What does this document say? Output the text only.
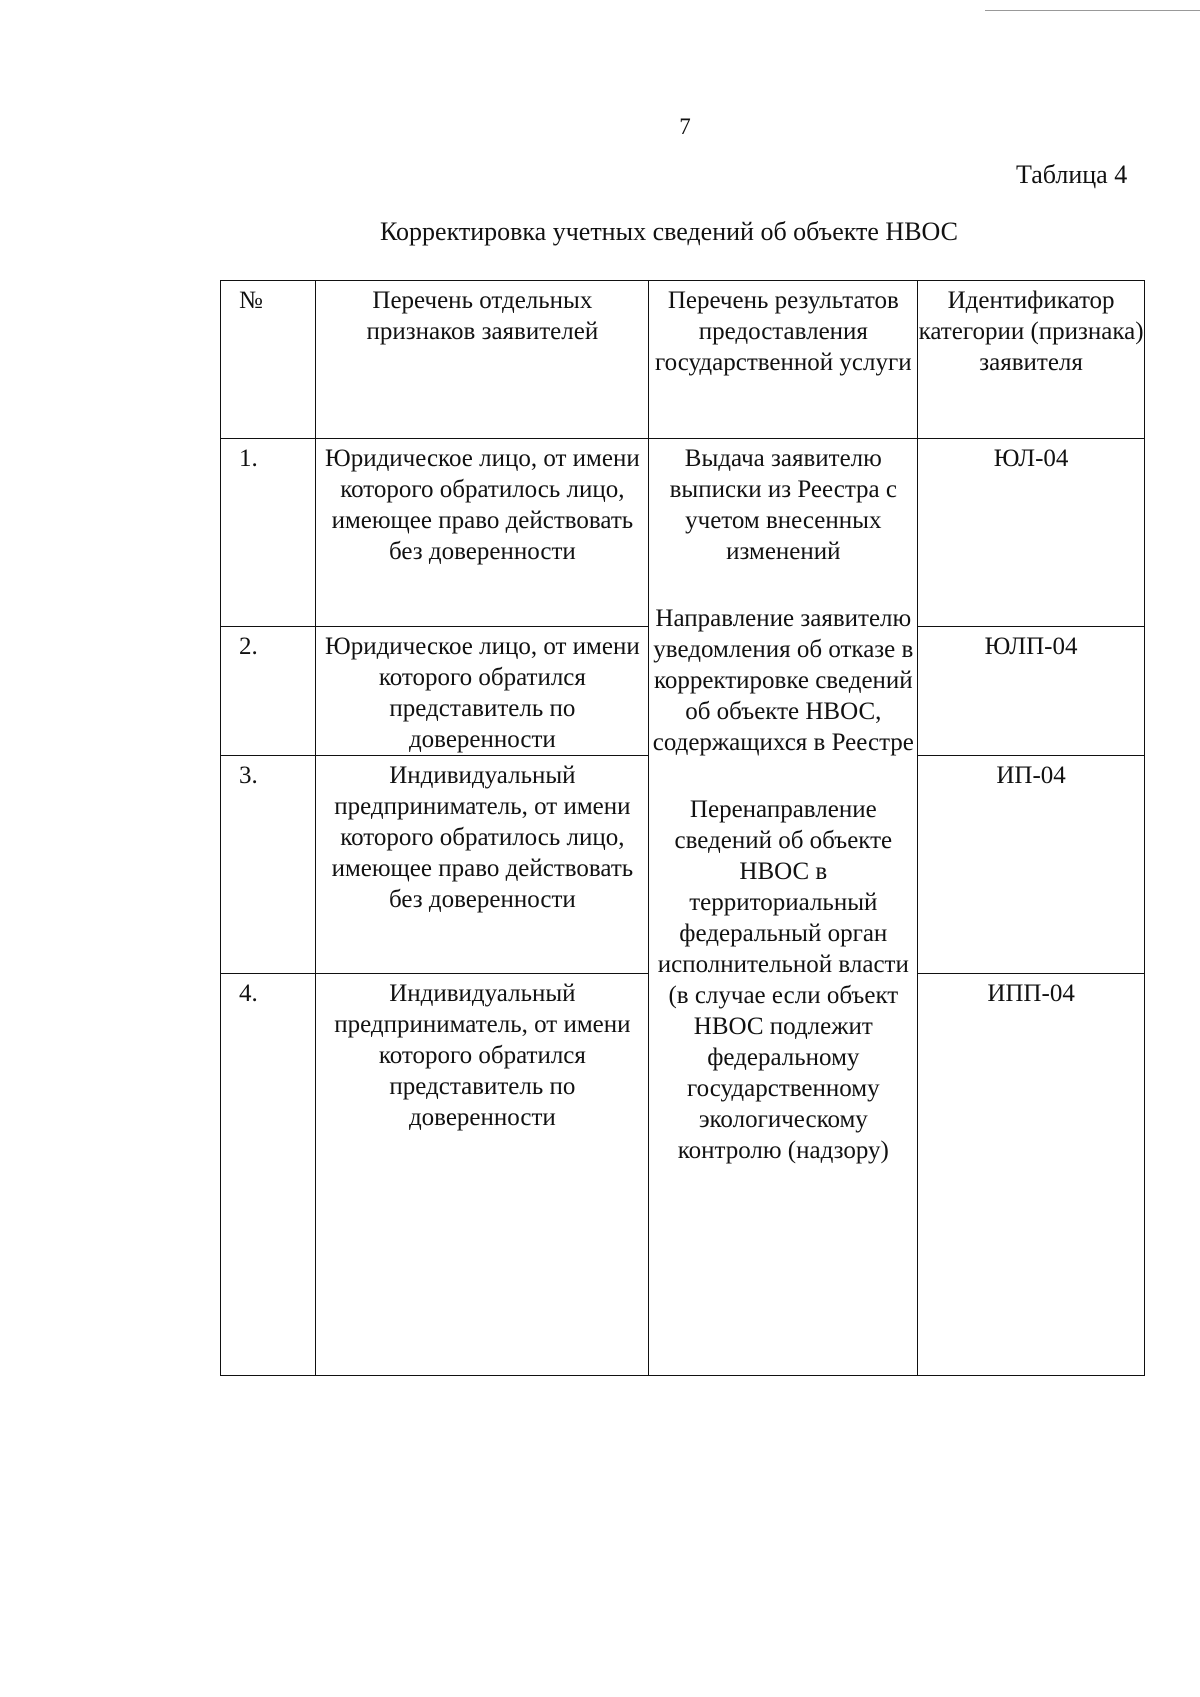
7
Таблица 4
Корректировка учетных сведений об объекте НВОС
№	Перечень отдельных признаков заявителей	Перечень результатов предоставления государственной услуги	Идентификатор категории (признака) заявителя

1.	Юридическое лицо, от имени которого обратилось лицо, имеющее право действовать без доверенности	Выдача заявителю выписки из Реестра с учетом внесенных изменений
Направление заявителю уведомления об отказе в корректировке сведений об объекте НВОС, содержащихся в Реестре
Перенаправление сведений об объекте НВОС в территориальный федеральный орган исполнительной власти (в случае если объект НВОС подлежит федеральному государственному экологическому контролю (надзору)	ЮЛ-04

2.	Юридическое лицо, от имени которого обратился представитель по доверенности		ЮЛП-04

3.	Индивидуальный предприниматель, от имени которого обратилось лицо, имеющее право действовать без доверенности		ИП-04

4.	Индивидуальный предприниматель, от имени которого обратился представитель по доверенности		ИПП-04
